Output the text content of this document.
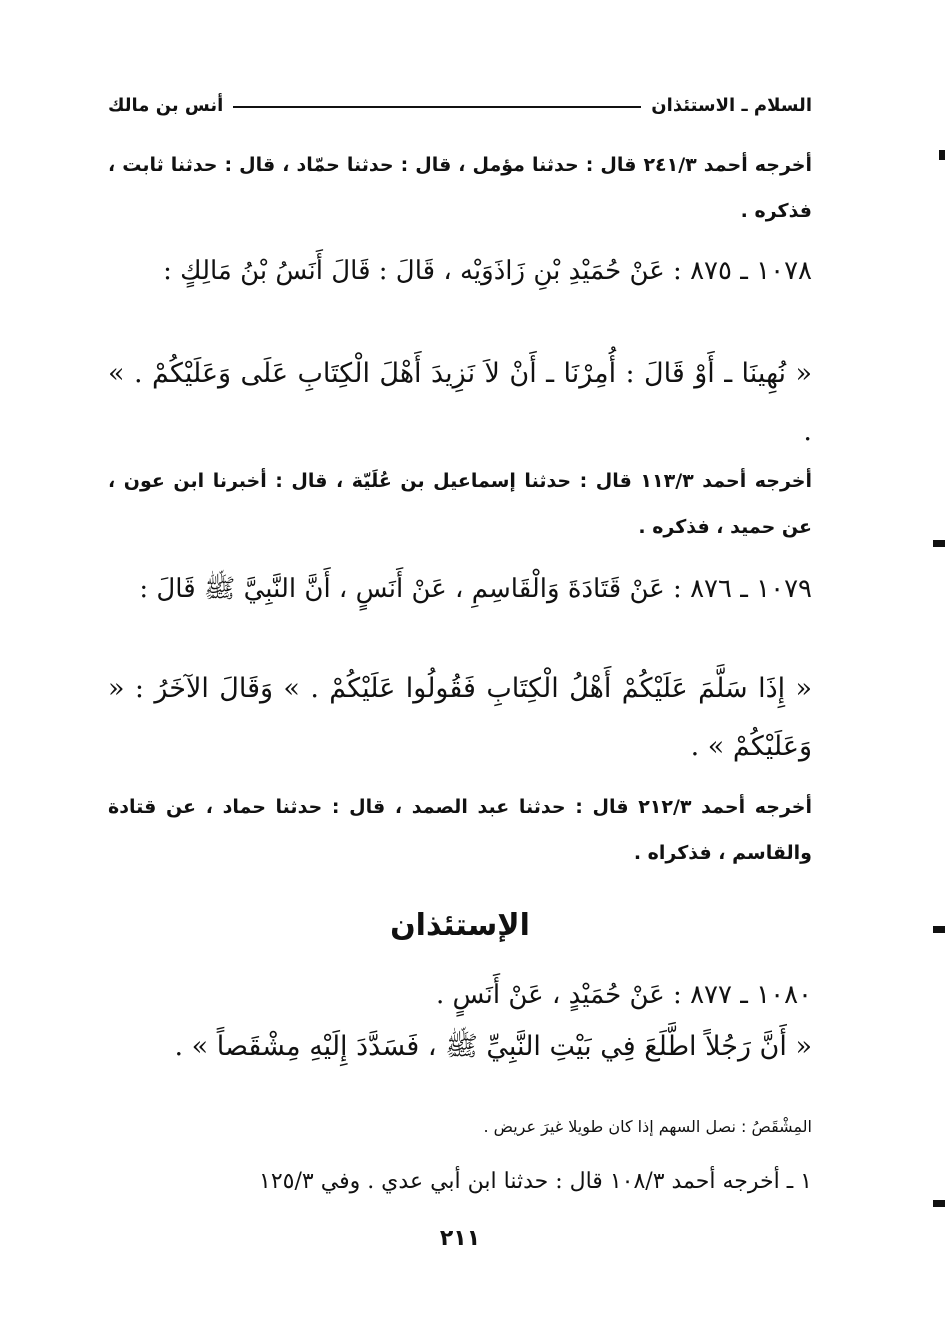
السلام ـ الاستئذان
أنس بن مالك
أخرجه أحمد ٢٤١/٣ قال : حدثنا مؤمل ، قال : حدثنا حمّاد ، قال : حدثنا ثابت ، فذكره .
١٠٧٨ ـ ٨٧٥ : عَنْ حُمَيْدِ بْنِ زَاذَوَيْه ، قَالَ : قَالَ أَنَسُ بْنُ مَالِكٍ :
« نُهِينَا ـ أَوْ قَالَ : أُمِرْنَا ـ أَنْ لاَ نَزِيدَ أَهْلَ الْكِتَابِ عَلَى وَعَلَيْكُمْ . » .
أخرجه أحمد ١١٣/٣ قال : حدثنا إسماعيل بن عُلَيّة ، قال : أخبرنا ابن عون ، عن حميد ، فذكره .
١٠٧٩ ـ ٨٧٦ : عَنْ قَتَادَةَ وَالْقَاسِمِ ، عَنْ أَنَسٍ ، أَنَّ النَّبِيَّ ﷺ قَالَ :
« إِذَا سَلَّمَ عَلَيْكُمْ أَهْلُ الْكِتَابِ فَقُولُوا عَلَيْكُمْ . » وَقَالَ الآخَرُ : « وَعَلَيْكُمْ » .
أخرجه أحمد ٢١٢/٣ قال : حدثنا عبد الصمد ، قال : حدثنا حماد ، عن قتادة والقاسم ، فذكراه .
الإستئذان
١٠٨٠ ـ ٨٧٧ : عَنْ حُمَيْدٍ ، عَنْ أَنَسٍ .
« أَنَّ رَجُلاً اطَّلَعَ فِي بَيْتِ النَّبِيِّ ﷺ ، فَسَدَّدَ إِلَيْهِ مِشْقَصاً » .
المِشْقَصُ : نصل السهم إذا كان طويلا غيرَ عريض .
١ ـ أخرجه أحمد ١٠٨/٣ قال : حدثنا ابن أبي عدي . وفي ١٢٥/٣
٢١١
